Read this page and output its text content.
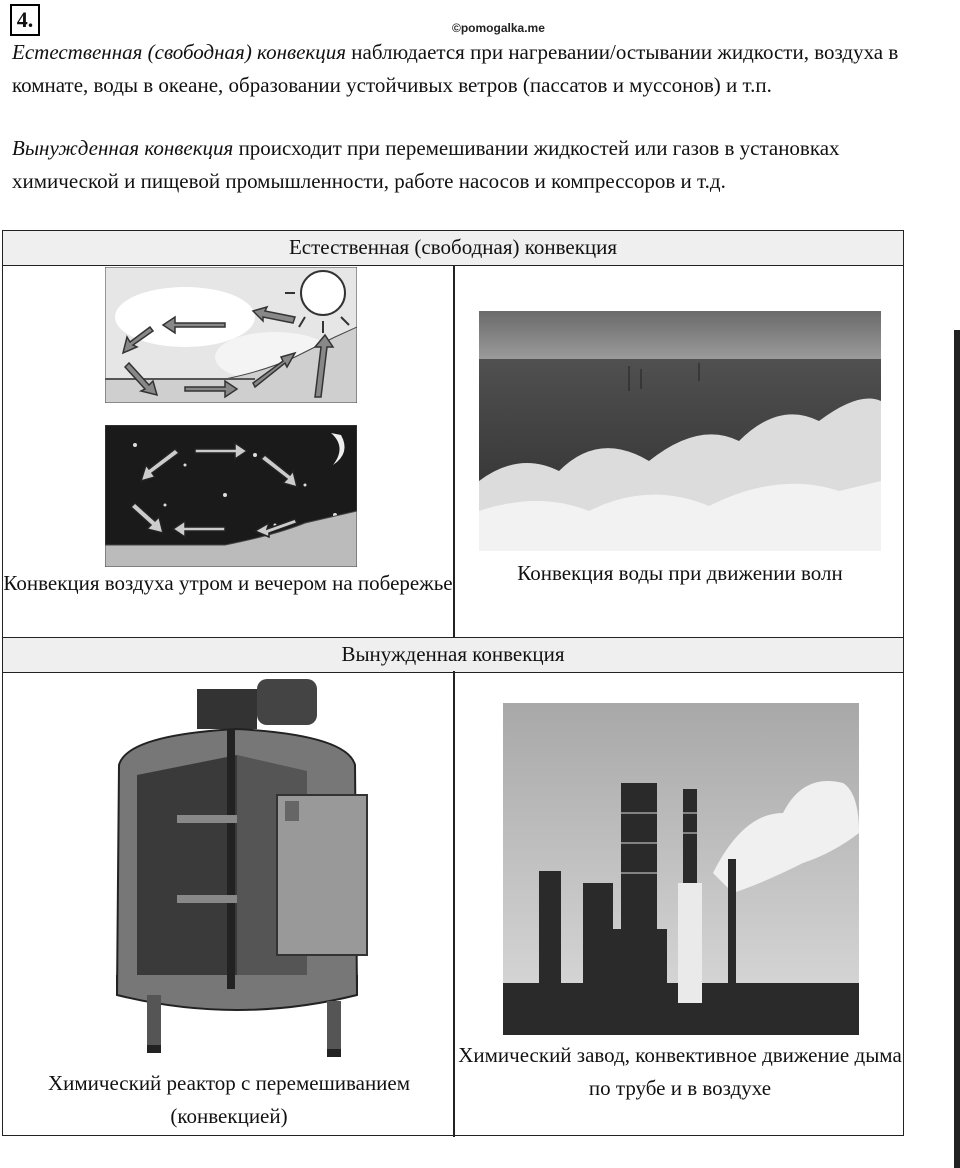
4.	©pomogalka.me
Естественная (свободная) конвекция наблюдается при нагревании/остывании жидкости, воздуха в комнате, воды в океане, образовании устойчивых ветров (пассатов и муссонов) и т.п.
Вынужденная конвекция происходит при перемешивании жидкостей или газов в установках химической и пищевой промышленности, работе насосов и компрессоров и т.д.
Естественная (свободная) конвекция
Конвекция воздуха утром и вечером на побережье	Конвекция воды при движении волн
Вынужденная конвекция
Химический реактор с перемешиванием (конвекцией)
Химический завод, конвективное движение дыма по трубе и в воздухе
